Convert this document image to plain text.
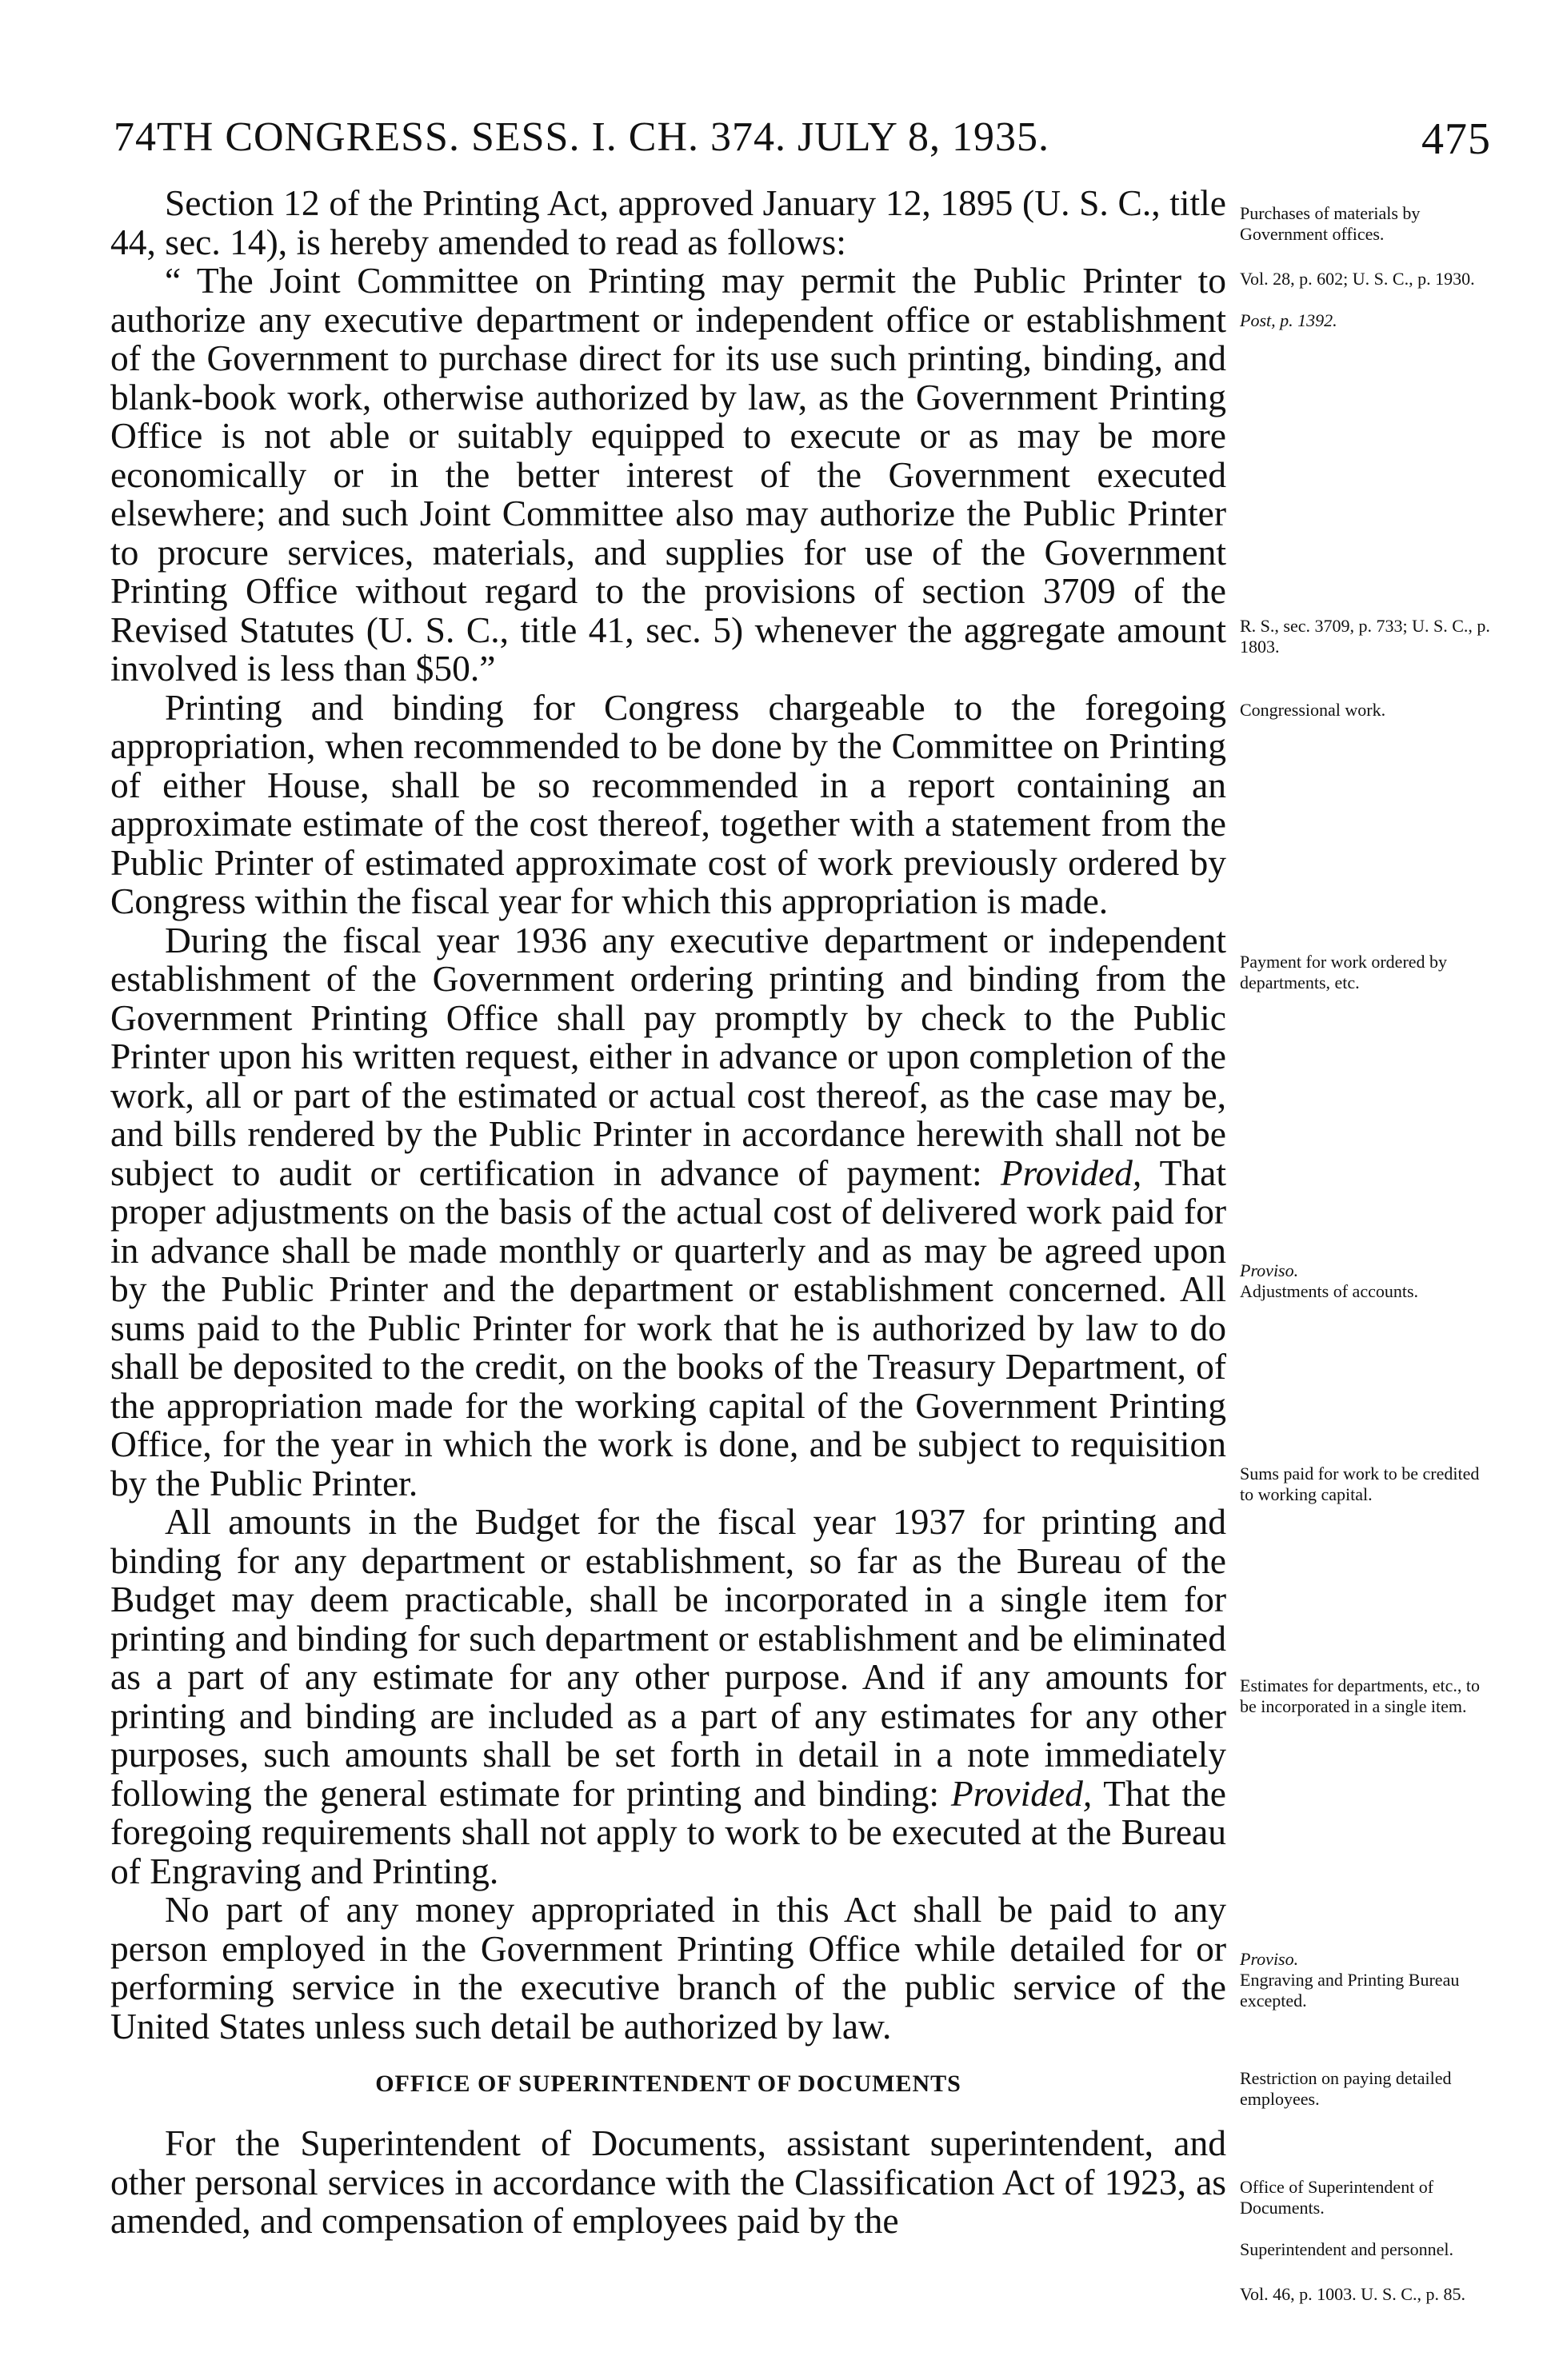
74TH CONGRESS. SESS. I. CH. 374. JULY 8, 1935.	475

Section 12 of the Printing Act, approved January 12, 1895 (U. S. C., title 44, sec. 14), is hereby amended to read as follows:

“ The Joint Committee on Printing may permit the Public Printer to authorize any executive department or independent office or establishment of the Government to purchase direct for its use such printing, binding, and blank-book work, otherwise authorized by law, as the Government Printing Office is not able or suitably equipped to execute or as may be more economically or in the better interest of the Government executed elsewhere; and such Joint Committee also may authorize the Public Printer to procure services, materials, and supplies for use of the Government Printing Office without regard to the provisions of section 3709 of the Revised Statutes (U. S. C., title 41, sec. 5) whenever the aggregate amount involved is less than $50.”

Printing and binding for Congress chargeable to the foregoing appropriation, when recommended to be done by the Committee on Printing of either House, shall be so recommended in a report containing an approximate estimate of the cost thereof, together with a statement from the Public Printer of estimated approximate cost of work previously ordered by Congress within the fiscal year for which this appropriation is made.

During the fiscal year 1936 any executive department or independent establishment of the Government ordering printing and binding from the Government Printing Office shall pay promptly by check to the Public Printer upon his written request, either in advance or upon completion of the work, all or part of the estimated or actual cost thereof, as the case may be, and bills rendered by the Public Printer in accordance herewith shall not be subject to audit or certification in advance of payment: Provided, That proper adjustments on the basis of the actual cost of delivered work paid for in advance shall be made monthly or quarterly and as may be agreed upon by the Public Printer and the department or establishment concerned. All sums paid to the Public Printer for work that he is authorized by law to do shall be deposited to the credit, on the books of the Treasury Department, of the appropriation made for the working capital of the Government Printing Office, for the year in which the work is done, and be subject to requisition by the Public Printer.

All amounts in the Budget for the fiscal year 1937 for printing and binding for any department or establishment, so far as the Bureau of the Budget may deem practicable, shall be incorporated in a single item for printing and binding for such department or establishment and be eliminated as a part of any estimate for any other purpose. And if any amounts for printing and binding are included as a part of any estimates for any other purposes, such amounts shall be set forth in detail in a note immediately following the general estimate for printing and binding: Provided, That the foregoing requirements shall not apply to work to be executed at the Bureau of Engraving and Printing.

No part of any money appropriated in this Act shall be paid to any person employed in the Government Printing Office while detailed for or performing service in the executive branch of the public service of the United States unless such detail be authorized by law.

OFFICE OF SUPERINTENDENT OF DOCUMENTS

For the Superintendent of Documents, assistant superintendent, and other personal services in accordance with the Classification Act of 1923, as amended, and compensation of employees paid by the

Purchases of materials by Government offices.
Vol. 28, p. 602; U. S. C., p. 1930.
Post, p. 1392.
R. S., sec. 3709, p. 733; U. S. C., p. 1803.
Congressional work.
Payment for work ordered by departments, etc.
Proviso.
Adjustments of accounts.
Sums paid for work to be credited to working capital.
Estimates for departments, etc., to be incorporated in a single item.
Proviso.
Engraving and Printing Bureau excepted.
Restriction on paying detailed employees.
Office of Superintendent of Documents.
Superintendent and personnel.
Vol. 46, p. 1003. U. S. C., p. 85.
